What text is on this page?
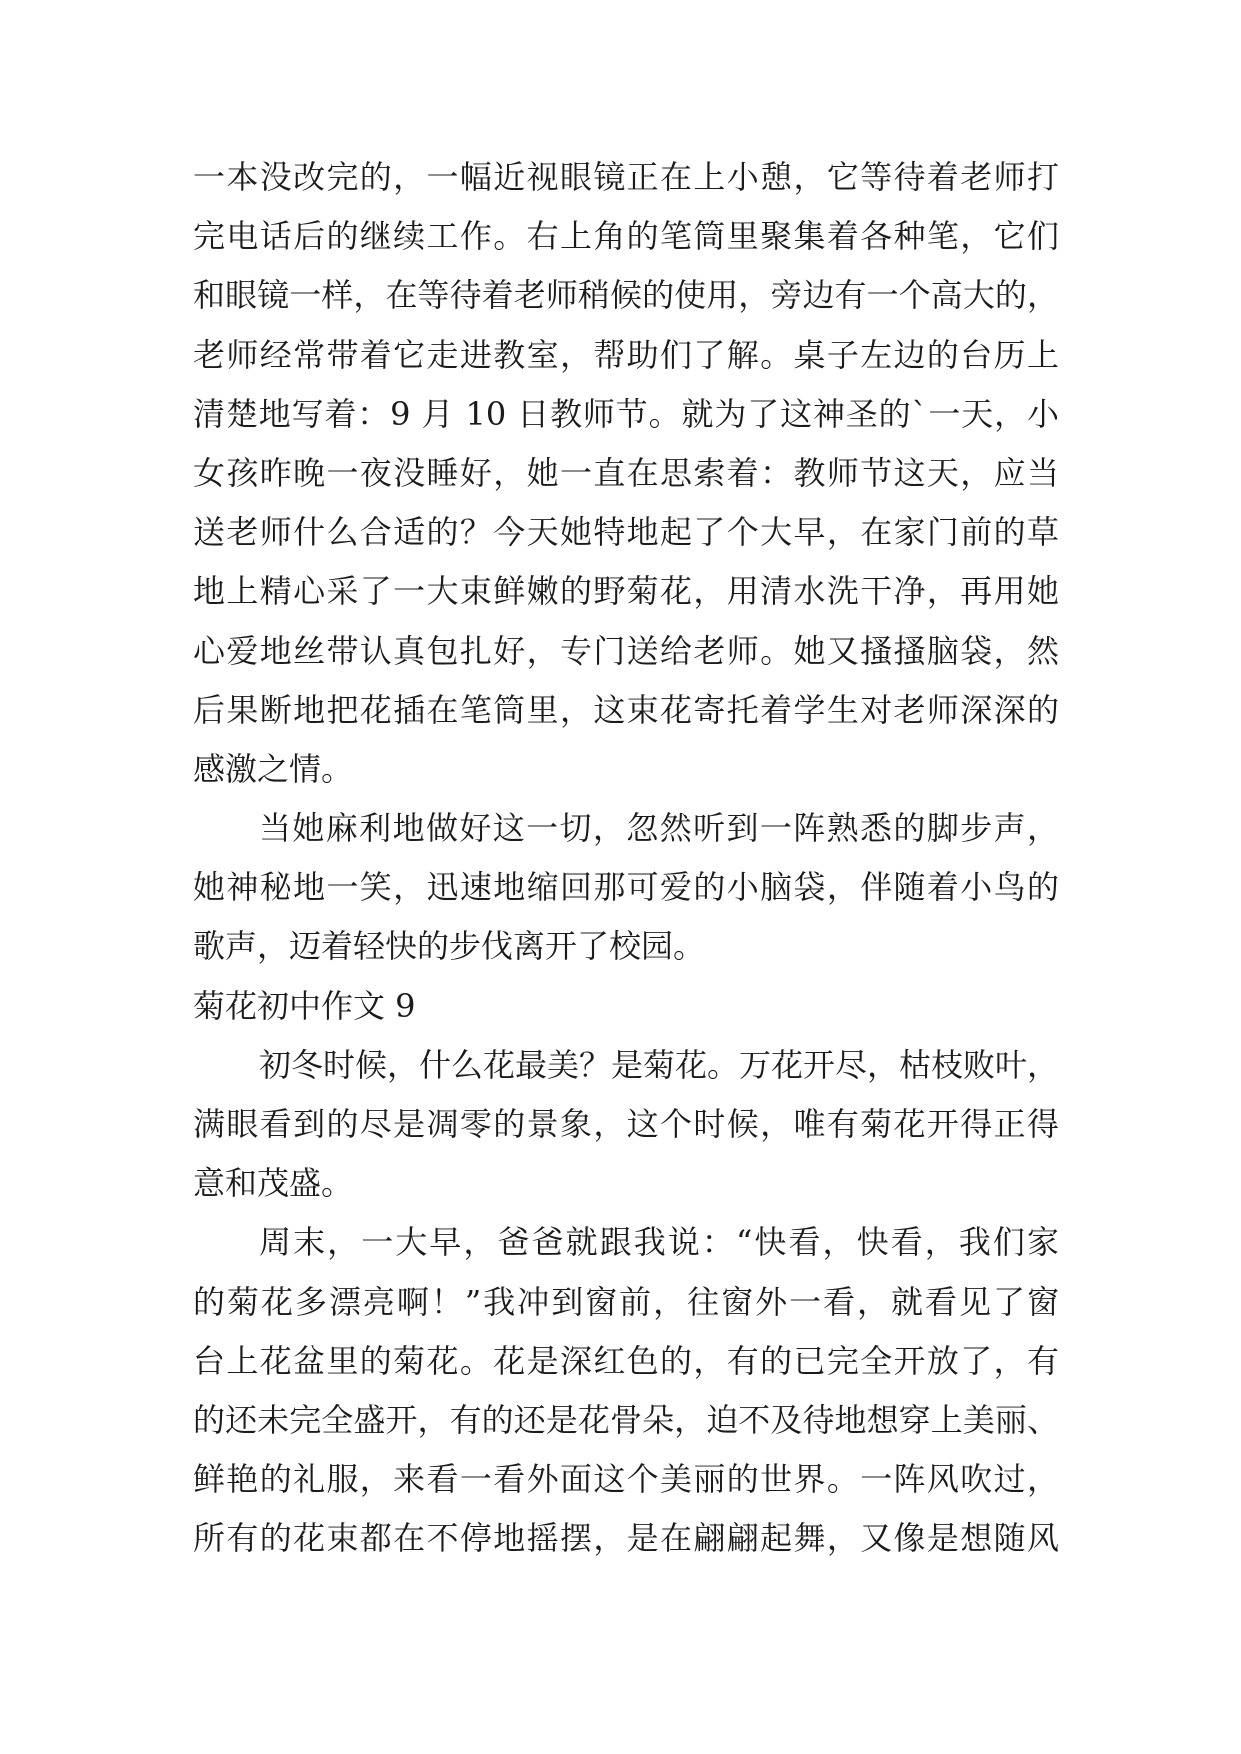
一本没改完的，一幅近视眼镜正在上小憩，它等待着老师打
完电话后的继续工作。右上角的笔筒里聚集着各种笔，它们
和眼镜一样，在等待着老师稍候的使用，旁边有一个高大的，
老师经常带着它走进教室，帮助们了解。桌子左边的台历上
清楚地写着：9 月 10 日教师节。就为了这神圣的`一天，小
女孩昨晚一夜没睡好，她一直在思索着：教师节这天，应当
送老师什么合适的？今天她特地起了个大早，在家门前的草
地上精心采了一大束鲜嫩的野菊花，用清水洗干净，再用她
心爱地丝带认真包扎好，专门送给老师。她又搔搔脑袋，然
后果断地把花插在笔筒里，这束花寄托着学生对老师深深的
感激之情。
当她麻利地做好这一切，忽然听到一阵熟悉的脚步声，
她神秘地一笑，迅速地缩回那可爱的小脑袋，伴随着小鸟的
歌声，迈着轻快的步伐离开了校园。
菊花初中作文 9
初冬时候，什么花最美？是菊花。万花开尽，枯枝败叶，
满眼看到的尽是凋零的景象，这个时候，唯有菊花开得正得
意和茂盛。
周末，一大早，爸爸就跟我说：“快看，快看，我们家
的菊花多漂亮啊！”我冲到窗前，往窗外一看，就看见了窗
台上花盆里的菊花。花是深红色的，有的已完全开放了，有
的还未完全盛开，有的还是花骨朵，迫不及待地想穿上美丽、
鲜艳的礼服，来看一看外面这个美丽的世界。一阵风吹过，
所有的花束都在不停地摇摆，是在翩翩起舞，又像是想随风
